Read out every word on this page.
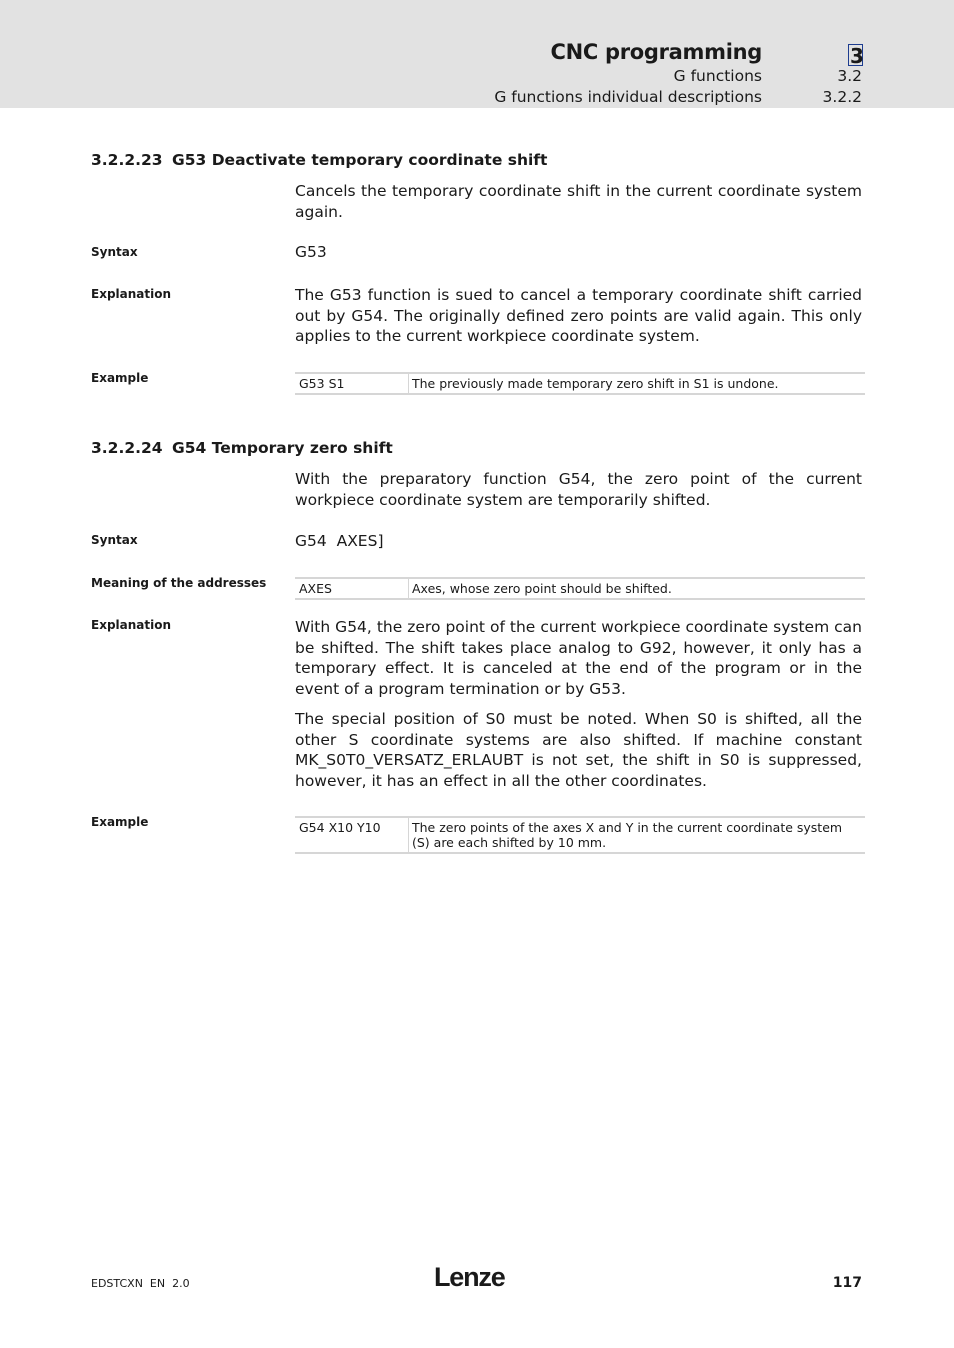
CNC programming	3
G functions	3.2
G functions individual descriptions	3.2.2
3.2.2.23 G53 Deactivate temporary coordinate shift
Cancels the temporary coordinate shift in the current coordinate system again.
Syntax	G53
Explanation	The G53 function is sued to cancel a temporary coordinate shift carried out by G54. The originally defined zero points are valid again. This only applies to the current workpiece coordinate system.
Example	G53 S1	The previously made temporary zero shift in S1 is undone.
3.2.2.24 G54 Temporary zero shift
With the preparatory function G54, the zero point of the current workpiece coordinate system are temporarily shifted.
Syntax	G54  AXES]
Meaning of the addresses	AXES	Axes, whose zero point should be shifted.
Explanation	With G54, the zero point of the current workpiece coordinate system can be shifted. The shift takes place analog to G92, however, it only has a temporary effect. It is canceled at the end of the program or in the event of a program termination or by G53.
The special position of S0 must be noted. When S0 is shifted, all the other S coordinate systems are also shifted. If machine constant MK_S0T0_VERSATZ_ERLAUBT is not set, the shift in S0 is suppressed, however, it has an effect in all the other coordinates.
Example	G54 X10 Y10	The zero points of the axes X and Y in the current coordinate system (S) are each shifted by 10 mm.
EDSTCXN  EN  2.0	Lenze	117
